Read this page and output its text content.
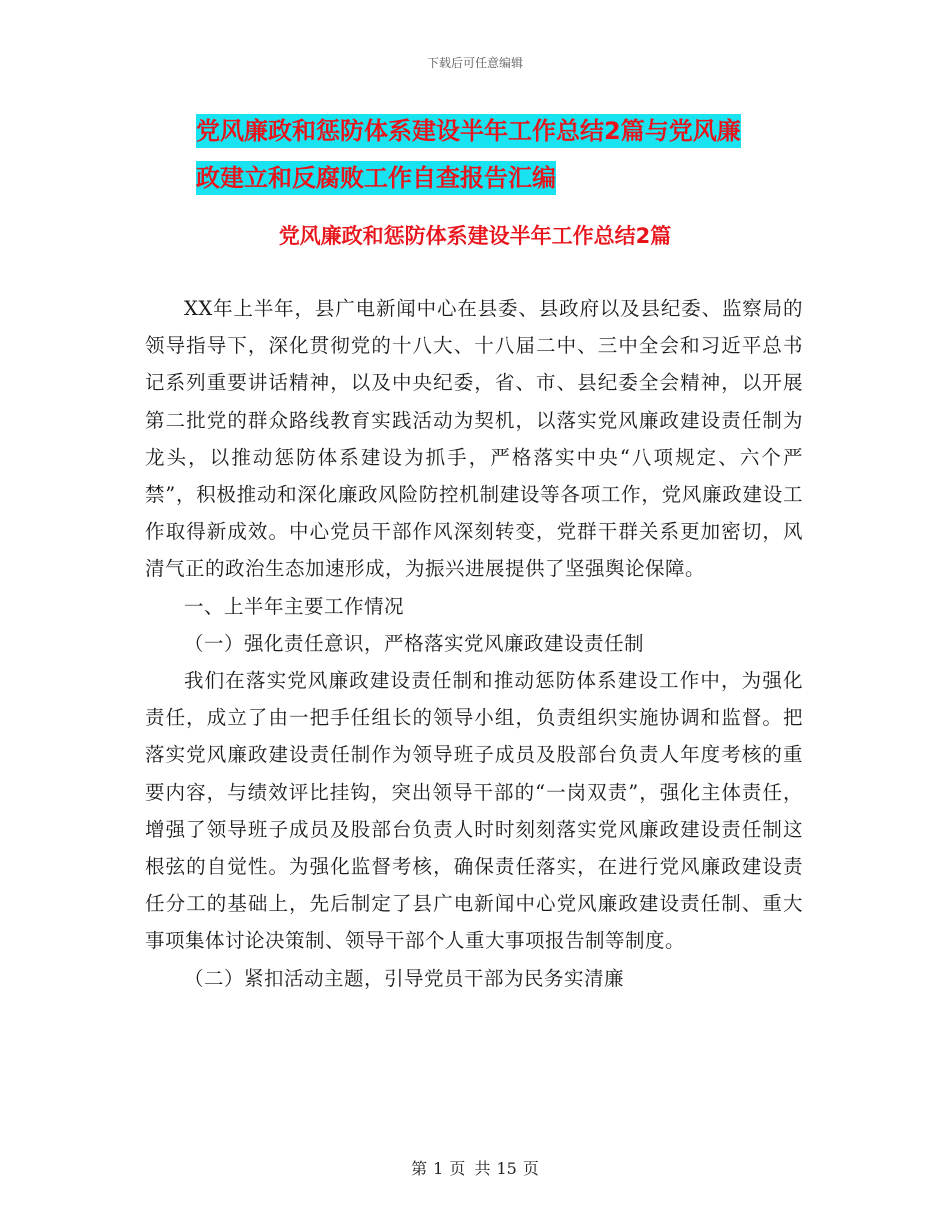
下载后可任意编辑
党风廉政和惩防体系建设半年工作总结2篇与党风廉
政建立和反腐败工作自查报告汇编
党风廉政和惩防体系建设半年工作总结2篇

XX年上半年，县广电新闻中心在县委、县政府以及县纪委、监察局的领导指导下，深化贯彻党的十八大、十八届二中、三中全会和习近平总书记系列重要讲话精神，以及中央纪委，省、市、县纪委全会精神，以开展第二批党的群众路线教育实践活动为契机，以落实党风廉政建设责任制为龙头，以推动惩防体系建设为抓手，严格落实中央“八项规定、六个严禁”，积极推动和深化廉政风险防控机制建设等各项工作，党风廉政建设工作取得新成效。中心党员干部作风深刻转变，党群干群关系更加密切，风清气正的政治生态加速形成，为振兴进展提供了坚强舆论保障。

一、上半年主要工作情况

（一）强化责任意识，严格落实党风廉政建设责任制

我们在落实党风廉政建设责任制和推动惩防体系建设工作中，为强化责任，成立了由一把手任组长的领导小组，负责组织实施协调和监督。把落实党风廉政建设责任制作为领导班子成员及股部台负责人年度考核的重要内容，与绩效评比挂钩，突出领导干部的“一岗双责”，强化主体责任，增强了领导班子成员及股部台负责人时时刻刻落实党风廉政建设责任制这根弦的自觉性。为强化监督考核，确保责任落实，在进行党风廉政建设责任分工的基础上，先后制定了县广电新闻中心党风廉政建设责任制、重大事项集体讨论决策制、领导干部个人重大事项报告制等制度。

（二）紧扣活动主题，引导党员干部为民务实清廉

第 1 页 共 15 页
